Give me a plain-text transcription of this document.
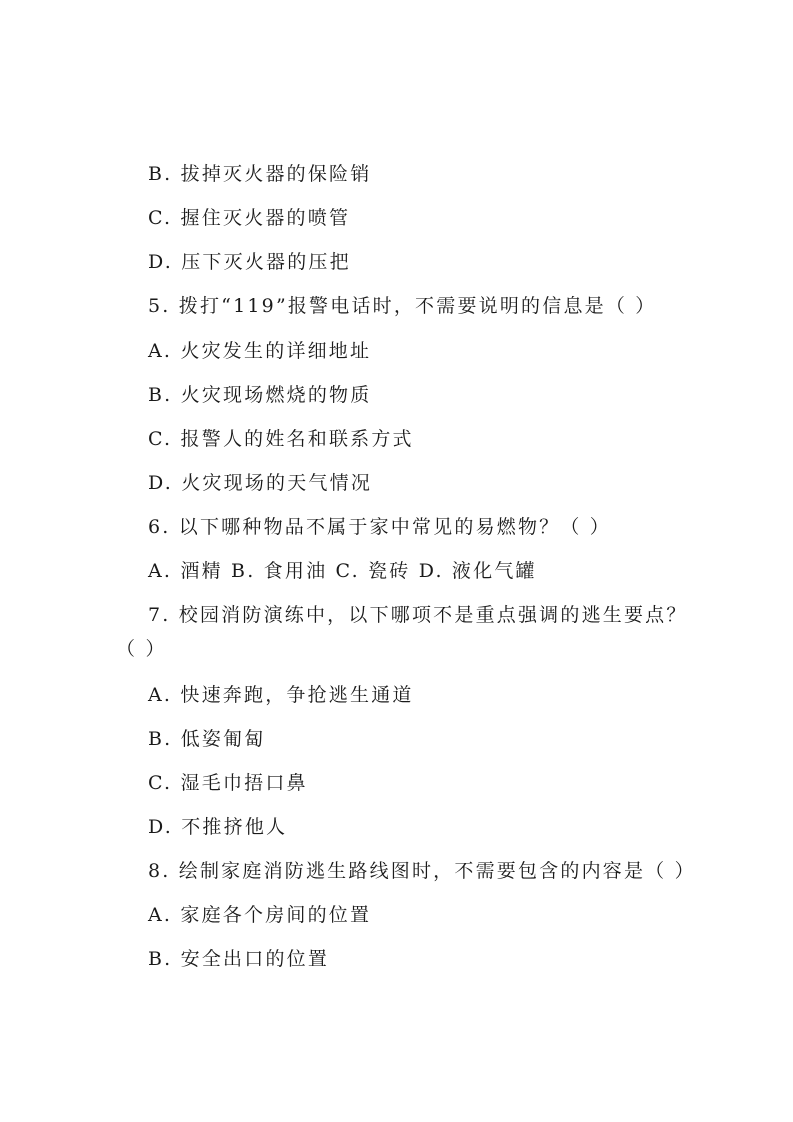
B. 拔掉灭火器的保险销
C. 握住灭火器的喷管
D. 压下灭火器的压把
5. 拨打“119”报警电话时，不需要说明的信息是（ ）
A. 火灾发生的详细地址
B. 火灾现场燃烧的物质
C. 报警人的姓名和联系方式
D. 火灾现场的天气情况
6. 以下哪种物品不属于家中常见的易燃物？（ ）
A. 酒精 B. 食用油 C. 瓷砖 D. 液化气罐
7. 校园消防演练中，以下哪项不是重点强调的逃生要点？
（ ）
A. 快速奔跑，争抢逃生通道
B. 低姿匍匐
C. 湿毛巾捂口鼻
D. 不推挤他人
8. 绘制家庭消防逃生路线图时，不需要包含的内容是（ ）
A. 家庭各个房间的位置
B. 安全出口的位置
